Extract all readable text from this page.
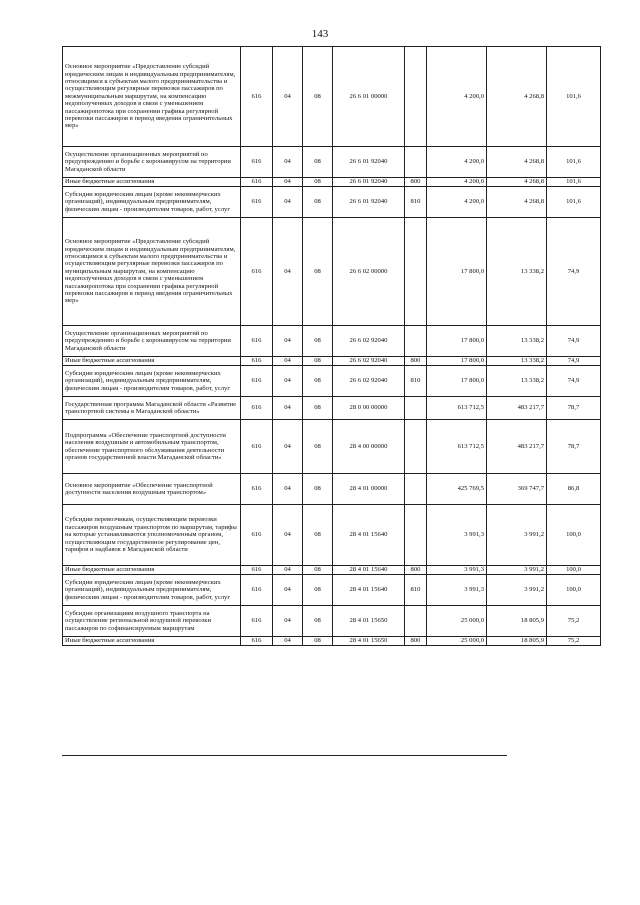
143
Основное мероприятие «Предоставление субсидий юридическим лицам и индивидуальным предпринимателям, относящимся к субъектам малого предпринимательства и осуществляющим регулярные перевозки пассажиров по межмуниципальным маршрутам, на компенсацию недополученных доходов в связи с уменьшением пассажиропотока при сохранении графика регулярной перевозки пассажиров в период введения ограничительных мер»	616	04	08	26 6 01 00000		4 200,0	4 268,8	101,6
Осуществление организационных мероприятий по предупреждению и борьбе с коронавирусом на территории Магаданской области	616	04	08	26 6 01 92040		4 200,0	4 268,8	101,6
Иные бюджетные ассигнования	616	04	08	26 6 01 92040	800	4 200,0	4 268,8	101,6
Субсидии юридическим лицам (кроме некоммерческих организаций), индивидуальным предпринимателям, физическим лицам - производителям товаров, работ, услуг	616	04	08	26 6 01 92040	810	4 200,0	4 268,8	101,6
Основное мероприятие «Предоставление субсидий юридическим лицам и индивидуальным предпринимателям, относящимся к субъектам малого предпринимательства и осуществляющим регулярные перевозки пассажиров по муниципальным маршрутам, на компенсацию недополученных доходов в связи с уменьшением пассажиропотока при сохранении графика регулярной перевозки пассажиров в период введения ограничительных мер»	616	04	08	26 6 02 00000		17 800,0	13 338,2	74,9
Осуществление организационных мероприятий по предупреждению и борьбе с коронавирусом на территории Магаданской области	616	04	08	26 6 02 92040		17 800,0	13 338,2	74,9
Иные бюджетные ассигнования	616	04	08	26 6 02 92040	800	17 800,0	13 338,2	74,9
Субсидии юридическим лицам (кроме некоммерческих организаций), индивидуальным предпринимателям, физическим лицам - производителям товаров, работ, услуг	616	04	08	26 6 02 92040	810	17 800,0	13 338,2	74,9
Государственная программа Магаданской области «Развитие транспортной системы в Магаданской области»	616	04	08	28 0 00 00000		613 712,5	483 217,7	78,7
Подпрограмма «Обеспечение транспортной доступности населения воздушным и автомобильным транспортом, обеспечение транспортного обслуживания деятельности органов государственной власти Магаданской области»	616	04	08	28 4 00 00000		613 712,5	483 217,7	78,7
Основное мероприятие «Обеспечение транспортной доступности населения воздушным транспортом»	616	04	08	28 4 01 00000		425 769,5	369 747,7	86,8
Субсидии перевозчикам, осуществляющим перевозки пассажиров воздушным транспортом по маршрутам, тарифы на которые устанавливаются уполномоченным органом, осуществляющим государственное регулирование цен, тарифов и надбавок в Магаданской области	616	04	08	28 4 01 15640		3 991,3	3 991,2	100,0
Иные бюджетные ассигнования	616	04	08	28 4 01 15640	800	3 991,3	3 991,2	100,0
Субсидии юридическим лицам (кроме некоммерческих организаций), индивидуальным предпринимателям, физическим лицам - производителям товаров, работ, услуг	616	04	08	28 4 01 15640	810	3 991,3	3 991,2	100,0
Субсидии организациям воздушного транспорта на осуществление региональной воздушной перевозки пассажиров по софинансируемым маршрутам	616	04	08	28 4 01 15650		25 000,0	18 805,9	75,2
Иные бюджетные ассигнования	616	04	08	28 4 01 15650	800	25 000,0	18 805,9	75,2
